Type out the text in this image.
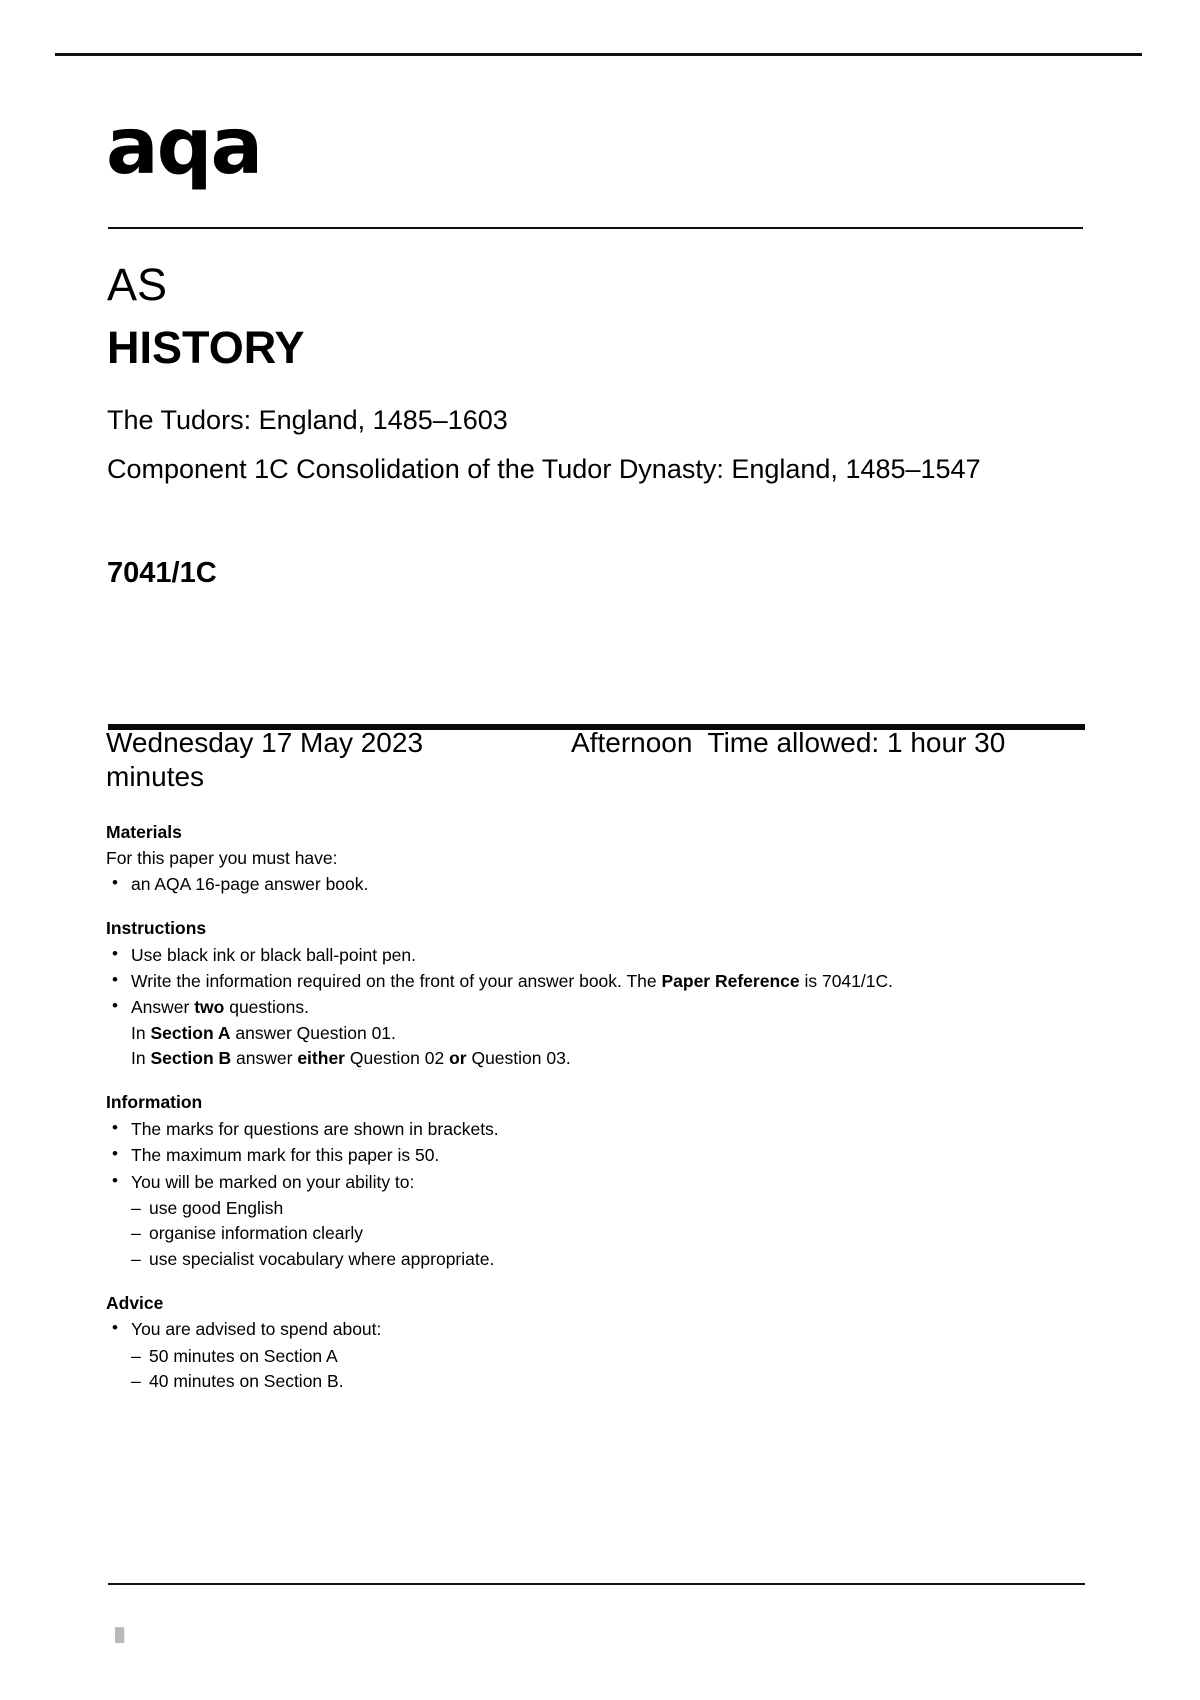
aqa
AS
HISTORY
The Tudors: England, 1485–1603
Component 1C Consolidation of the Tudor Dynasty: England, 1485–1547
7041/1C
Wednesday 17 May 2023	Afternoon Time allowed: 1 hour 30 minutes
Materials

For this paper you must have:

• an AQA 16-page answer book.
Instructions
• Use black ink or black ball-point pen.
• Write the information required on the front of your answer book. The Paper Reference is 7041/1C.
• Answer two questions.
In Section A answer Question 01.
In Section B answer either Question 02 or Question 03.
Information
• The marks for questions are shown in brackets.
• The maximum mark for this paper is 50.
• You will be marked on your ability to:
– use good English
– organise information clearly
– use specialist vocabulary where appropriate.
Advice
• You are advised to spend about:
– 50 minutes on Section A
– 40 minutes on Section B.
█
